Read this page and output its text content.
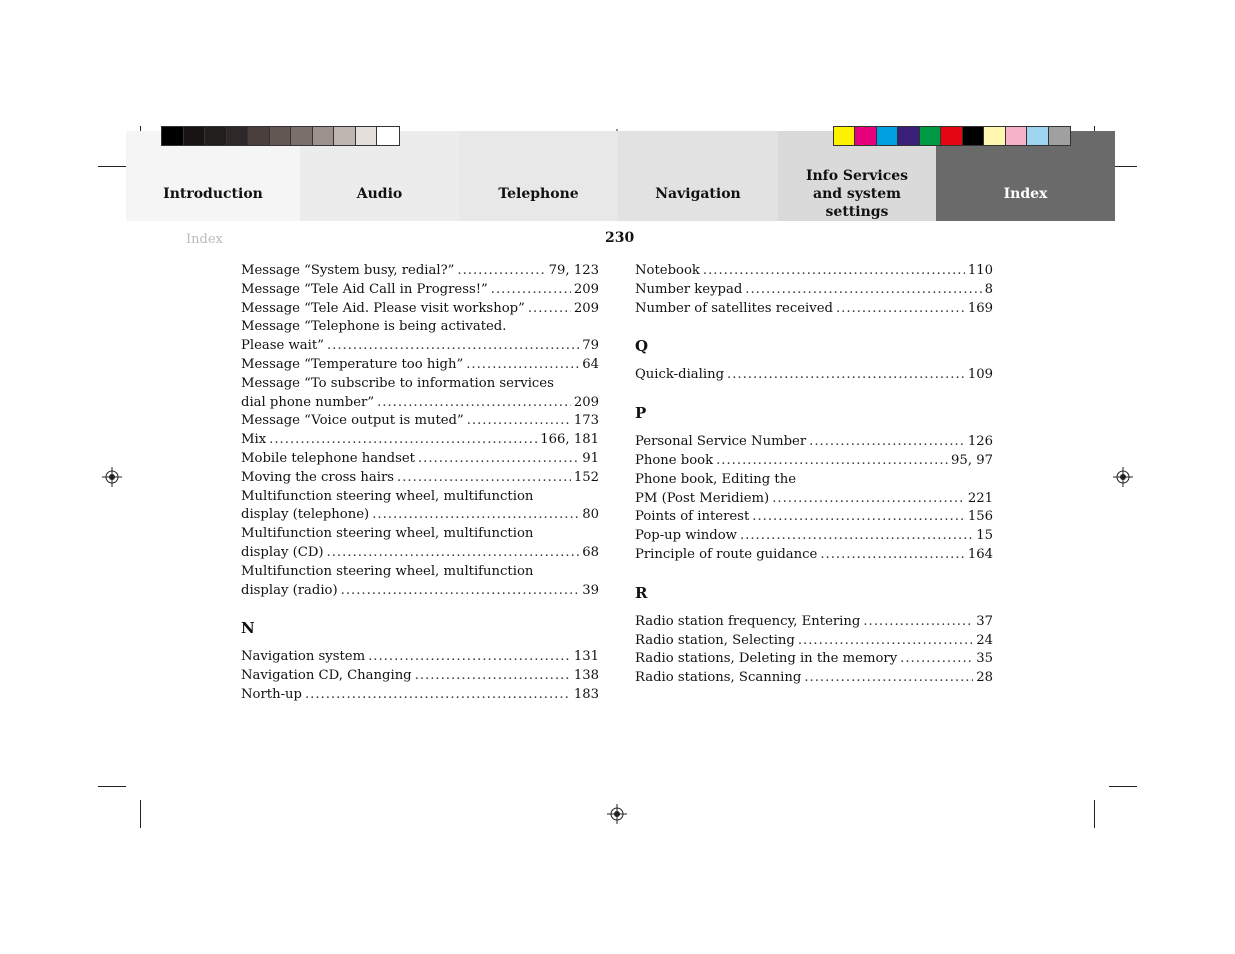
Introduction	Audio	Telephone	Navigation
Info Services and system settings
Index
Index	230
Message “System busy, redial?” .....	79, 123
Message “Tele Aid Call in Progress!” .....	209
Message “Tele Aid. Please visit workshop” .....	209
Message “Telephone is being activated.
Please wait” .....	79
Message “Temperature too high” .....	64
Message “To subscribe to information services
dial phone number” .....	209
Message “Voice output is muted” .....	173
Mix .....	166, 181
Mobile telephone handset .....	91
Moving the cross hairs .....	152
Multifunction steering wheel, multifunction
display (telephone) .....	80
Multifunction steering wheel, multifunction
display (CD) .....	68
Multifunction steering wheel, multifunction
display (radio) .....	39
N
Navigation system .....	131
Navigation CD, Changing .....	138
North-up .....	183
Notebook .....	110
Number keypad .....	8
Number of satellites received .....	169
Q
Quick-dialing .....	109
P
Personal Service Number .....	126
Phone book .....	95, 97
Phone book, Editing the
PM (Post Meridiem) .....	221
Points of interest .....	156
Pop-up window .....	15
Principle of route guidance .....	164
R
Radio station frequency, Entering .....	37
Radio station, Selecting .....	24
Radio stations, Deleting in the memory .....	35
Radio stations, Scanning .....	28
